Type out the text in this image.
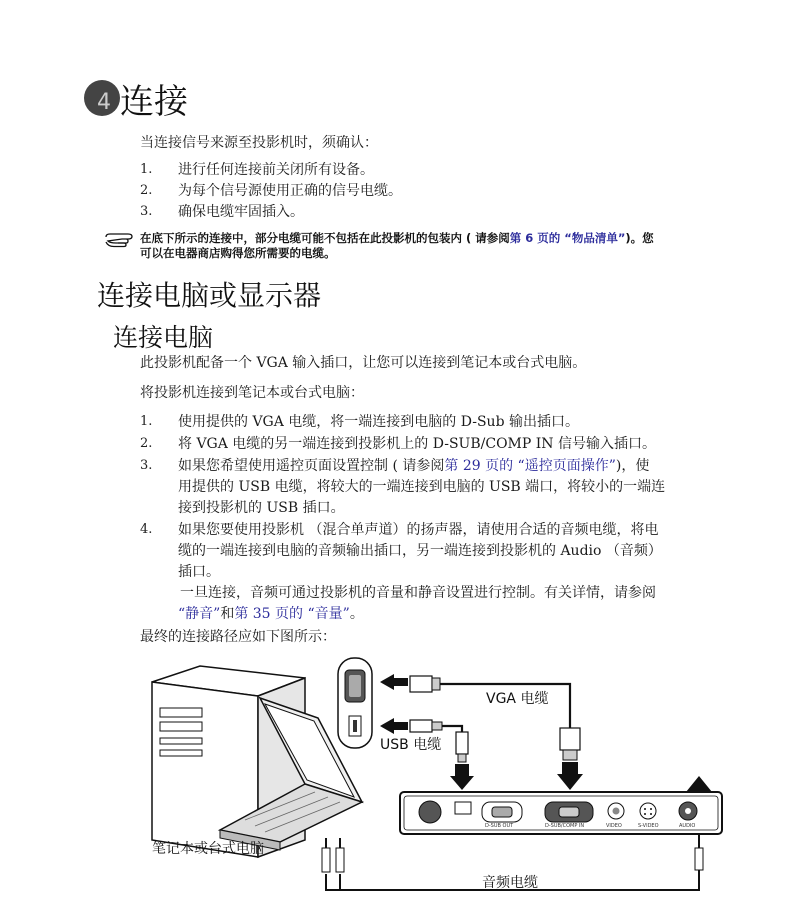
4 连接
当连接信号来源至投影机时，须确认：
1. 进行任何连接前关闭所有设备。
2. 为每个信号源使用正确的信号电缆。
3. 确保电缆牢固插入。
在底下所示的连接中，部分电缆可能不包括在此投影机的包装内 ( 请参阅第 6 页的 “物品清单”)。您
可以在电器商店购得您所需要的电缆。
连接电脑或显示器
连接电脑
此投影机配备一个 VGA 输入插口，让您可以连接到笔记本或台式电脑。
将投影机连接到笔记本或台式电脑：
1. 使用提供的 VGA 电缆，将一端连接到电脑的 D-Sub 输出插口。
2. 将 VGA 电缆的另一端连接到投影机上的 D-SUB/COMP IN 信号输入插口。
3. 如果您希望使用遥控页面设置控制 ( 请参阅第 29 页的 “遥控页面操作”)，使
用提供的 USB 电缆，将较大的一端连接到电脑的 USB 端口，将较小的一端连
接到投影机的 USB 插口。
4. 如果您要使用投影机 （混合单声道）的扬声器，请使用合适的音频电缆，将电
缆的一端连接到电脑的音频输出插口，另一端连接到投影机的 Audio （音频）
插口。
一旦连接，音频可通过投影机的音量和静音设置进行控制。有关详情，请参阅
“静音”和第 35 页的 “音量”。
最终的连接路径应如下图所示：
D-SUB OUT	D-SUB/COMP IN	VIDEO	S-VIDEO	AUDIO
VGA 电缆
USB 电缆
笔记本或台式电脑
音频电缆
